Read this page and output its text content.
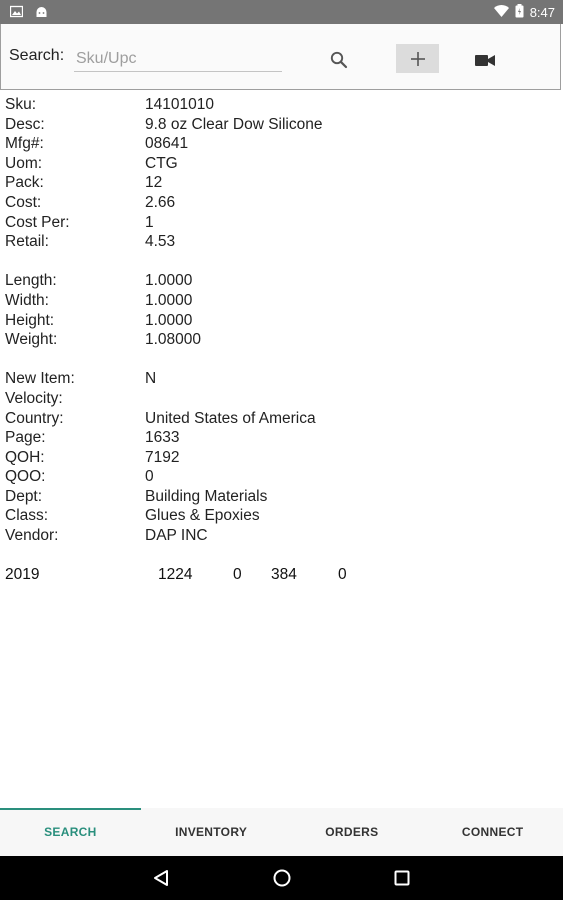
8:47
Search:
Sku/Upc
Sku:	14101010
Desc:	9.8 oz Clear Dow Silicone
Mfg#:	08641
Uom:	CTG
Pack:	12
Cost:	2.66
Cost Per:	1
Retail:	4.53
Length:	1.0000
Width:	1.0000
Height:	1.0000
Weight:	1.08000
New Item:	N
Velocity:
Country:	United States of America
Page:	1633
QOH:	7192
QOO:	0
Dept:	Building Materials
Class:	Glues & Epoxies
Vendor:	DAP INC
2019	1224	0 384	0
SEARCH	INVENTORY	ORDERS	CONNECT
